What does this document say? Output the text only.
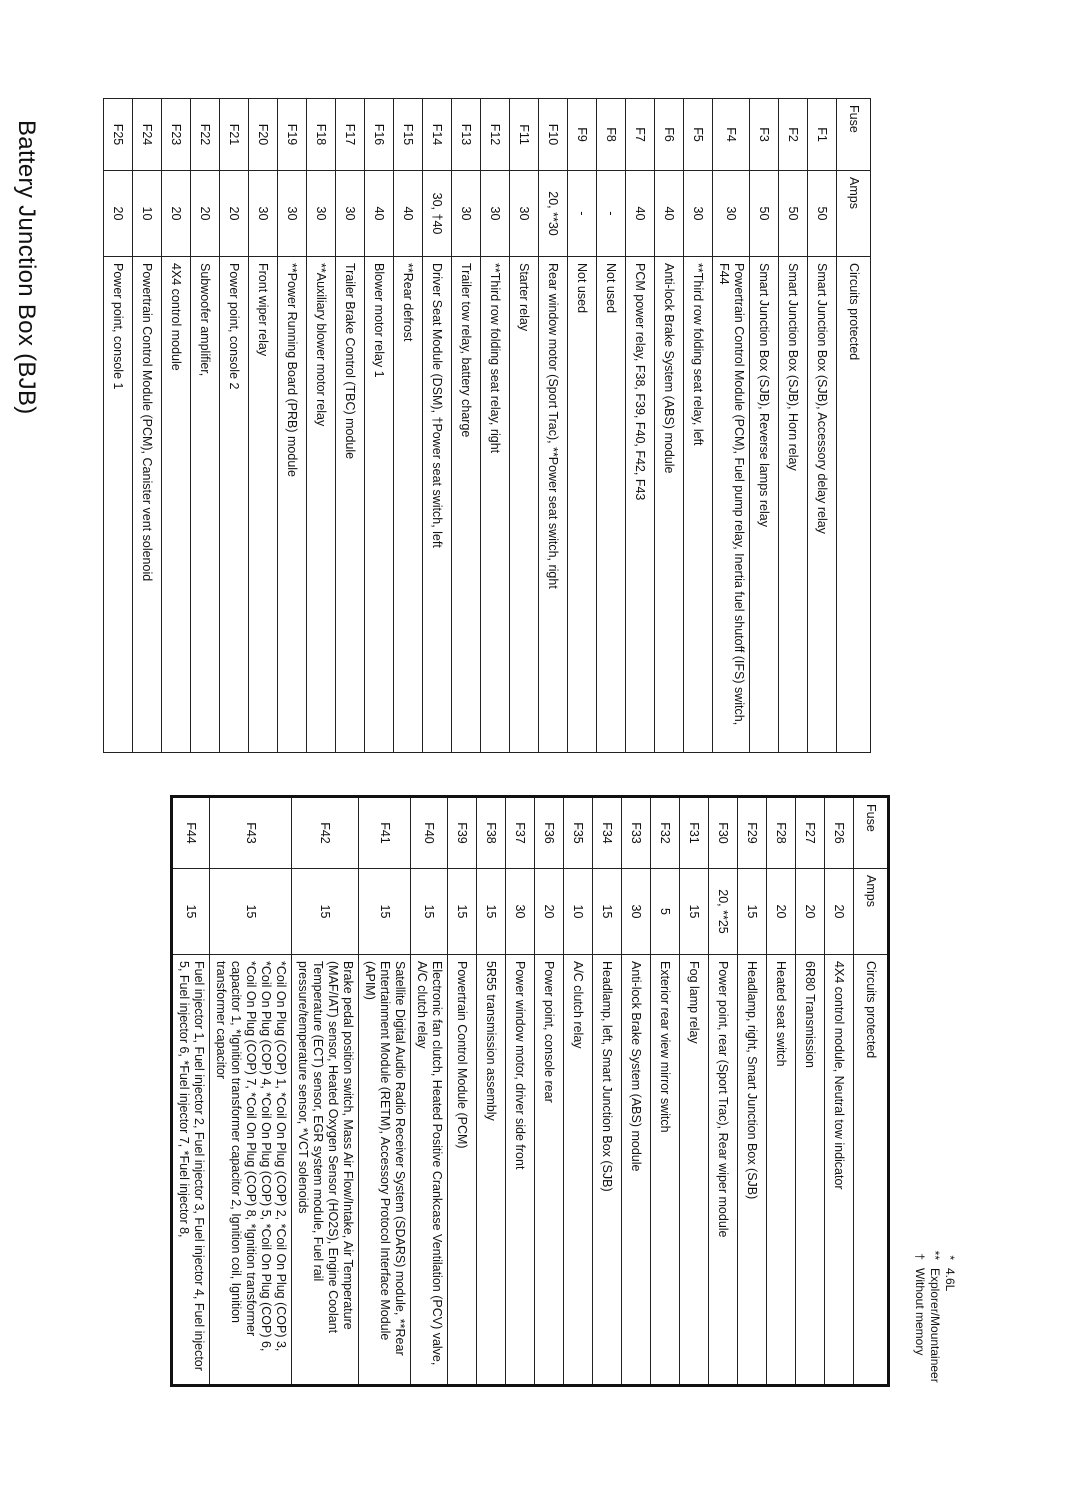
Battery Junction Box (BJB)
Fuse	Amps	Circuits protected
F1	50	Smart Junction Box (SJB), Accessory delay relay
F2	50	Smart Junction Box (SJB), Horn relay
F3	50	Smart Junction Box (SJB), Reverse lamps relay
F4	30	Powertrain Control Module (PCM), Fuel pump relay, Inertia fuel shutoff (IFS) switch, F44
F5	30	**Third row folding seat relay, left
F6	40	Anti-lock Brake System (ABS) module
F7	40	PCM power relay, F38, F39, F40, F42, F43
F8	-	Not used
F9	-	Not used
F10	20, **30	Rear window motor (Sport Trac), **Power seat switch, right
F11	30	Starter relay
F12	30	**Third row folding seat relay, right
F13	30	Trailer tow relay, battery charge
F14	30, †40	Driver Seat Module (DSM), †Power seat switch, left
F15	40	**Rear defrost
F16	40	Blower motor relay 1
F17	30	Trailer Brake Control (TBC) module
F18	30	**Auxiliary blower motor relay
F19	30	**Power Running Board (PRB) module
F20	30	Front wiper relay
F21	20	Power point, console 2
F22	20	Subwoofer amplifier,
F23	20	4X4 control module
F24	10	Powertrain Control Module (PCM), Canister vent solenoid
F25	20	Power point, console 1
Fuse	Amps	Circuits protected
F26	20	4X4 control module, Neutral tow indicator
F27	20	6R80 Transmission
F28	20	Heated seat switch
F29	15	Headlamp, right, Smart Junction Box (SJB)
F30	20, **25	Power point, rear (Sport Trac), Rear wiper module
F31	15	Fog lamp relay
F32	5	Exterior rear view mirror switch
F33	30	Anti-lock Brake System (ABS) module
F34	15	Headlamp, left, Smart Junction Box (SJB)
F35	10	A/C clutch relay
F36	20	Power point, console rear
F37	30	Power window motor, driver side front
F38	15	5R55 transmission assembly
F39	15	Powertrain Control Module (PCM)
F40	15	Electronic fan clutch, Heated Positive Crankcase Ventilation (PCV) valve, A/C clutch relay
F41	15	Satellite Digital Audio Radio Receiver System (SDARS) module, **Rear Entertainment Module (RETM), Accessory Protocol Interface Module (APIM)
F42	15	Brake pedal position switch, Mass Air Flow/Intake, Air Temperature (MAF/IAT) sensor, Heated Oxygen Sensor (HO2S), Engine Coolant Temperature (ECT) sensor, EGR system module, Fuel rail pressure/temperature sensor, *VCT solenoids
F43	15	*Coil On Plug (COP) 1, *Coil On Plug (COP) 2, *Coil On Plug (COP) 3, *Coil On Plug (COP) 4, *Coil On Plug (COP) 5, *Coil On Plug (COP) 6, *Coil On Plug (COP) 7, *Coil On Plug (COP) 8, *Ignition transformer capacitor 1, *Ignition transformer capacitor 2, Ignition coil, Ignition transformer capacitor
F44	15	Fuel injector 1, Fuel injector 2, Fuel injector 3, Fuel injector 4, Fuel injector 5, Fuel injector 6, *Fuel injector 7, *Fuel injector 8,
*
4.6L
**
Explorer/Mountaineer
†
Without memory
